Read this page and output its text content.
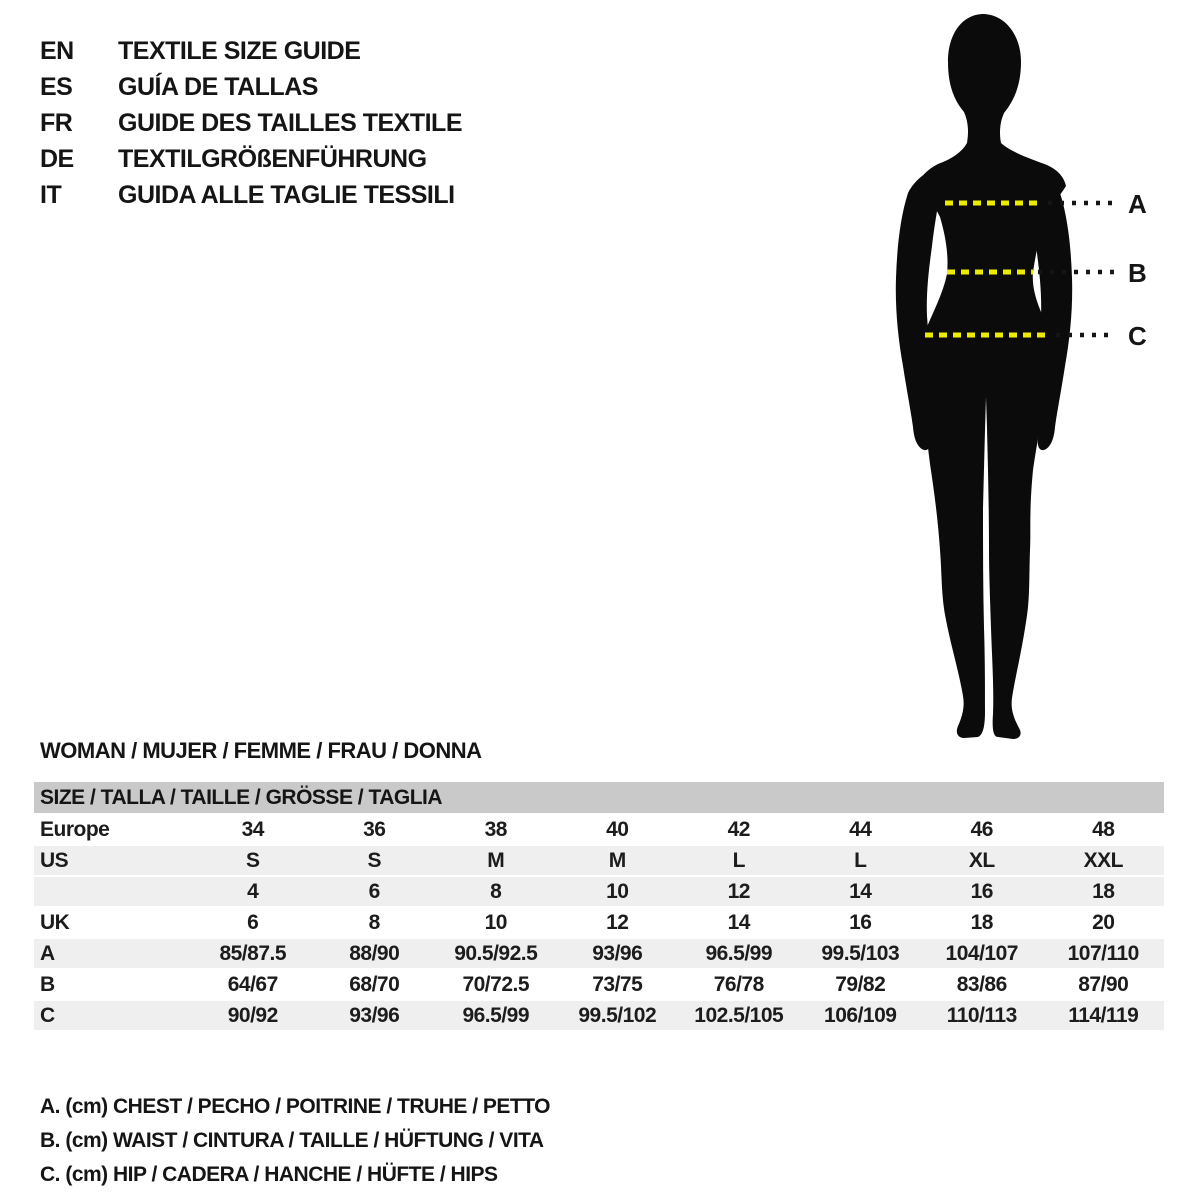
EN	TEXTILE SIZE GUIDE
ES	GUÍA DE TALLAS
FR	GUIDE DES TAILLES TEXTILE
DE	TEXTILGRÖßENFÜHRUNG
IT	GUIDA ALLE TAGLIE TESSILI	A
B
C
WOMAN / MUJER / FEMME / FRAU / DONNA
SIZE / TALLA / TAILLE / GRÖSSE / TAGLIA
Europe	34	36	38	40	42	44	46	48
US	S	S	M	M	L	L	XL	XXL
	4	6	8	10	12	14	16	18
UK	6	8	10	12	14	16	18	20
A	85/87.5	88/90	90.5/92.5	93/96	96.5/99	99.5/103	104/107	107/110
B	64/67	68/70	70/72.5	73/75	76/78	79/82	83/86	87/90
C	90/92	93/96	96.5/99	99.5/102	102.5/105	106/109	110/113	114/119
A. (cm) CHEST / PECHO / POITRINE / TRUHE / PETTO
B. (cm) WAIST / CINTURA / TAILLE / HÜFTUNG / VITA
C. (cm) HIP / CADERA / HANCHE / HÜFTE / HIPS
